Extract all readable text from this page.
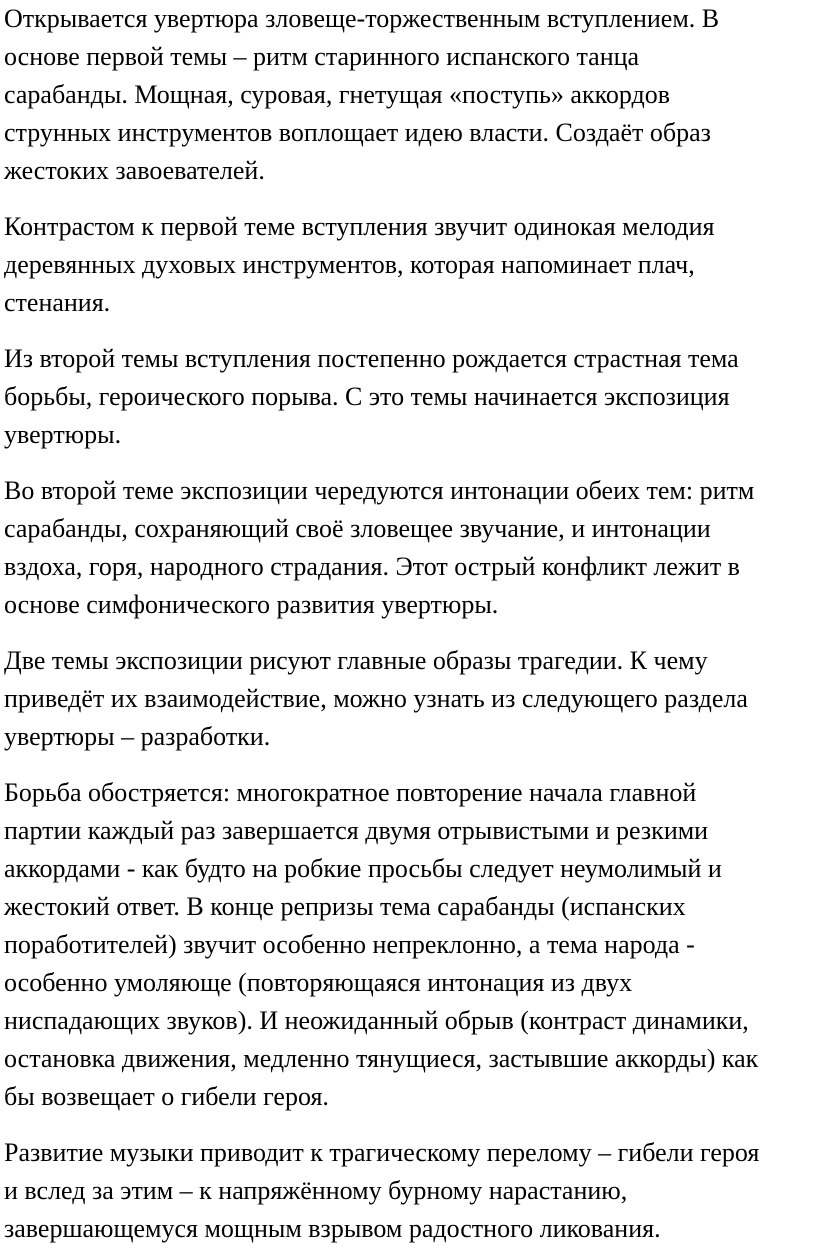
Открывается увертюра зловеще-торжественным вступлением. В
основе первой темы – ритм старинного испанского танца
сарабанды. Мощная, суровая, гнетущая «поступь» аккордов
струнных инструментов воплощает идею власти. Создаёт образ
жестоких завоевателей.

Контрастом к первой теме вступления звучит одинокая мелодия
деревянных духовых инструментов, которая напоминает плач,
стенания.

Из второй темы вступления постепенно рождается страстная тема
борьбы, героического порыва. С это темы начинается экспозиция
увертюры.

Во второй теме экспозиции чередуются интонации обеих тем: ритм
сарабанды, сохраняющий своё зловещее звучание, и интонации
вздоха, горя, народного страдания. Этот острый конфликт лежит в
основе симфонического развития увертюры.

Две темы экспозиции рисуют главные образы трагедии. К чему
приведёт их взаимодействие, можно узнать из следующего раздела
увертюры – разработки.

Борьба обостряется: многократное повторение начала главной
партии каждый раз завершается двумя отрывистыми и резкими
аккордами - как будто на робкие просьбы следует неумолимый и
жестокий ответ. В конце репризы тема сарабанды (испанских
поработителей) звучит особенно непреклонно, а тема народа -
особенно умоляюще (повторяющаяся интонация из двух
ниспадающих звуков). И неожиданный обрыв (контраст динамики,
остановка движения, медленно тянущиеся, застывшие аккорды) как
бы возвещает о гибели героя.

Развитие музыки приводит к трагическому перелому – гибели героя
и вслед за этим – к напряжённому бурному нарастанию,
завершающемуся мощным взрывом радостного ликования.
